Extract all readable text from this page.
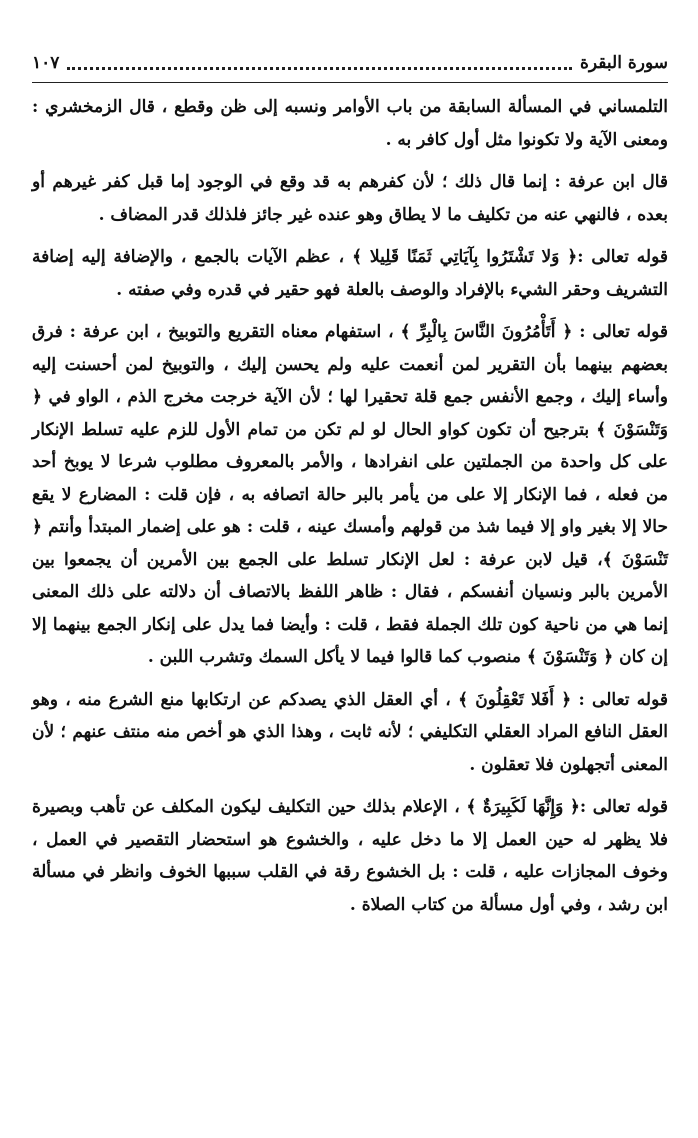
سورة البقرة
١٠٧

التلمساني في المسألة السابقة من باب الأوامر ونسبه إلى ظن وقطع ، قال الزمخشري : ومعنى الآية ولا تكونوا مثل أول كافر به .

قال ابن عرفة : إنما قال ذلك ؛ لأن كفرهم به قد وقع في الوجود إما قبل كفر غيرهم أو بعده ، فالنهي عنه من تكليف ما لا يطاق وهو عنده غير جائز فلذلك قدر المضاف .

قوله تعالى :﴿ وَلا تَشْتَرُوا بِآيَاتِي ثَمَنًا قَلِيلا ﴾ ، عظم الآيات بالجمع ، والإضافة إليه إضافة التشريف وحقر الشيء بالإفراد والوصف بالعلة فهو حقير في قدره وفي صفته .

قوله تعالى : ﴿ أَتَأْمُرُونَ النَّاسَ بِالْبِرِّ ﴾ ، استفهام معناه التقريع والتوبيخ ، ابن عرفة : فرق بعضهم بينهما بأن التقرير لمن أنعمت عليه ولم يحسن إليك ، والتوبيخ لمن أحسنت إليه وأساء إليك ، وجمع الأنفس جمع قلة تحقيرا لها ؛ لأن الآية خرجت مخرج الذم ، الواو في ﴿ وَتَنْسَوْنَ ﴾ بترجيح أن تكون كواو الحال لو لم تكن من تمام الأول للزم عليه تسلط الإنكار على كل واحدة من الجملتين على انفرادها ، والأمر بالمعروف مطلوب شرعا لا يوبخ أحد من فعله ، فما الإنكار إلا على من يأمر بالبر حالة اتصافه به ، فإن قلت : المضارع لا يقع حالا إلا بغير واو إلا فيما شذ من قولهم وأمسك عينه ، قلت : هو على إضمار المبتدأ وأنتم ﴿ تَنْسَوْنَ ﴾، قيل لابن عرفة : لعل الإنكار تسلط على الجمع بين الأمرين أن يجمعوا بين الأمرين بالبر ونسيان أنفسكم ، فقال : ظاهر اللفظ بالاتصاف أن دلالته على ذلك المعنى إنما هي من ناحية كون تلك الجملة فقط ، قلت : وأيضا فما يدل على إنكار الجمع بينهما إلا إن كان ﴿ وَتَنْسَوْنَ ﴾ منصوب كما قالوا فيما لا يأكل السمك وتشرب اللبن .

قوله تعالى : ﴿ أَفَلا تَعْقِلُونَ ﴾ ، أي العقل الذي يصدكم عن ارتكابها منع الشرع منه ، وهو العقل النافع المراد العقلي التكليفي ؛ لأنه ثابت ، وهذا الذي هو أخص منه منتف عنهم ؛ لأن المعنى أتجهلون فلا تعقلون .

قوله تعالى :﴿ وَإِنَّهَا لَكَبِيرَةٌ ﴾ ، الإعلام بذلك حين التكليف ليكون المكلف عن تأهب وبصيرة فلا يظهر له حين العمل إلا ما دخل عليه ، والخشوع هو استحضار التقصير في العمل ، وخوف المجازات عليه ، قلت : بل الخشوع رقة في القلب سببها الخوف وانظر في مسألة ابن رشد ، وفي أول مسألة من كتاب الصلاة .
